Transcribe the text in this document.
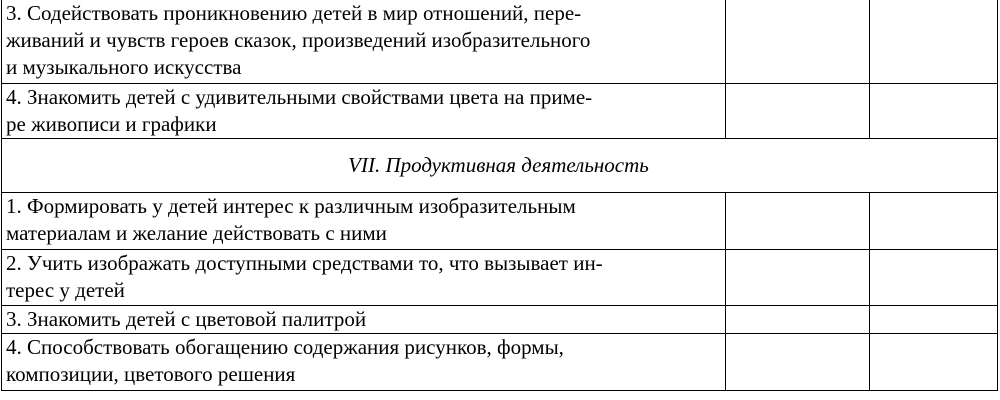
3. Содействовать проникновению детей в мир отношений, пере-
живаний и чувств героев сказок, произведений изобразительного
и музыкального искусства		
4. Знакомить детей с удивительными свойствами цвета на приме-
ре живописи и графики		
VII. Продуктивная деятельность		
1. Формировать у детей интерес к различным изобразительным
материалам и желание действовать с ними		
2. Учить изображать доступными средствами то, что вызывает ин-
терес у детей		
3. Знакомить детей с цветовой палитрой		
4. Способствовать обогащению содержания рисунков, формы,
композиции, цветового решения		
